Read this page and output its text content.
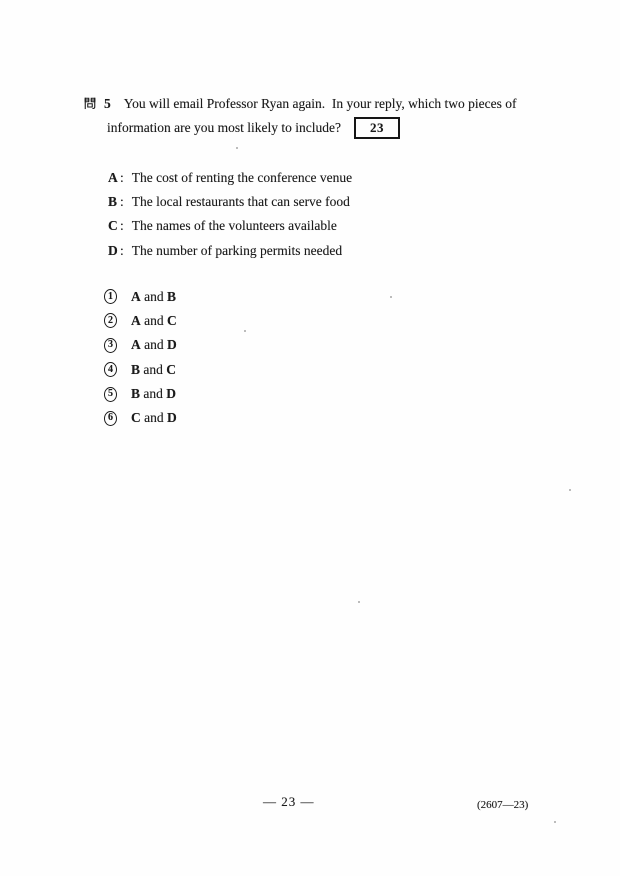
5 You will email Professor Ryan again.  In your reply, which two pieces of
information are you most likely to include? 23
A : The cost of renting the conference venue
B : The local restaurants that can serve food
C : The names of the volunteers available
D : The number of parking permits needed
1 A and B
2 A and C
3 A and D
4 B and C
5 B and D
6 C and D
— 23 —	(2607—23)
